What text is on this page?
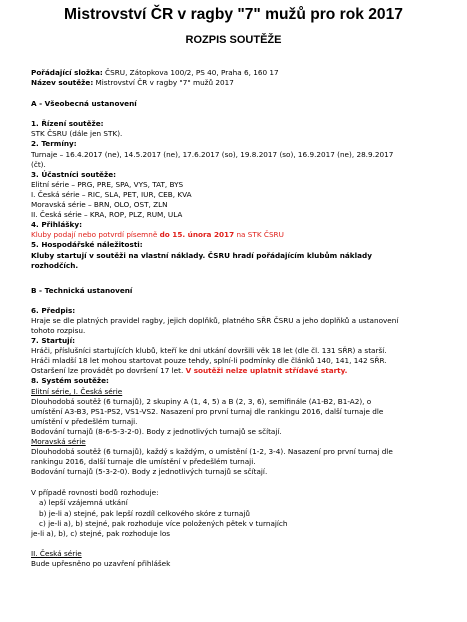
Mistrovství ČR v ragby "7" mužů pro rok 2017
ROZPIS SOUTĚŽE
Pořádající složka: ČSRU, Zátopkova 100/2, PS 40, Praha 6, 160 17
Název soutěže: Mistrovství ČR v ragby "7" mužů 2017
A - Všeobecná ustanovení
1. Řízení soutěže:
STK ČSRU (dále jen STK).
2. Termíny:
Turnaje – 16.4.2017 (ne), 14.5.2017 (ne), 17.6.2017 (so), 19.8.2017 (so), 16.9.2017 (ne), 28.9.2017
(čt).
3. Účastníci soutěže:
Elitní série – PRG, PRE, SPA, VYS, TAT, BYS
I. Česká série – RIC, SLA, PET, IUR, CEB, KVA
Moravská série – BRN, OLO, OST, ZLN
II. Česká série – KRA, ROP, PLZ, RUM, ULA
4. Přihlášky:
Kluby podají nebo potvrdí písemně do 15. února 2017 na STK ČSRU
5. Hospodářské náležitosti:
Kluby startují v soutěži na vlastní náklady. ČSRU hradí pořádajícím klubům náklady
rozhodčích.
B - Technická ustanovení
6. Předpis:
Hraje se dle platných pravidel ragby, jejich doplňků, platného SŘR ČSRU a jeho doplňků a ustanovení
tohoto rozpisu.
7. Startují:
Hráči, příslušníci startujících klubů, kteří ke dni utkání dovršili věk 18 let (dle čl. 131 SŘR) a starší.
Hráči mladší 18 let mohou startovat pouze tehdy, splní-li podmínky dle článků 140, 141, 142 SŘR.
Ostaršení lze provádět po dovršení 17 let. V soutěži nelze uplatnit střídavé starty.
8. Systém soutěže:
Elitní série, I. Česká série
Dlouhodobá soutěž (6 turnajů), 2 skupiny A (1, 4, 5) a B (2, 3, 6), semifinále (A1-B2, B1-A2), o
umístění A3-B3, PS1-PS2, VS1-VS2. Nasazení pro první turnaj dle rankingu 2016, další turnaje dle
umístění v předešlém turnaji.
Bodování turnajů (8-6-5-3-2-0). Body z jednotlivých turnajů se sčítají.
Moravská série
Dlouhodobá soutěž (6 turnajů), každý s každým, o umístění (1-2, 3-4). Nasazení pro první turnaj dle
rankingu 2016, další turnaje dle umístění v předešlém turnaji.
Bodování turnajů (5-3-2-0). Body z jednotlivých turnajů se sčítají.
V případě rovnosti bodů rozhoduje:
a) lepší vzájemná utkání
b) je-li a) stejné, pak lepší rozdíl celkového skóre z turnajů
c) je-li a), b) stejné, pak rozhoduje více položených pětek v turnajích
je-li a), b), c) stejné, pak rozhoduje los
II. Česká série
Bude upřesněno po uzavření přihlášek
